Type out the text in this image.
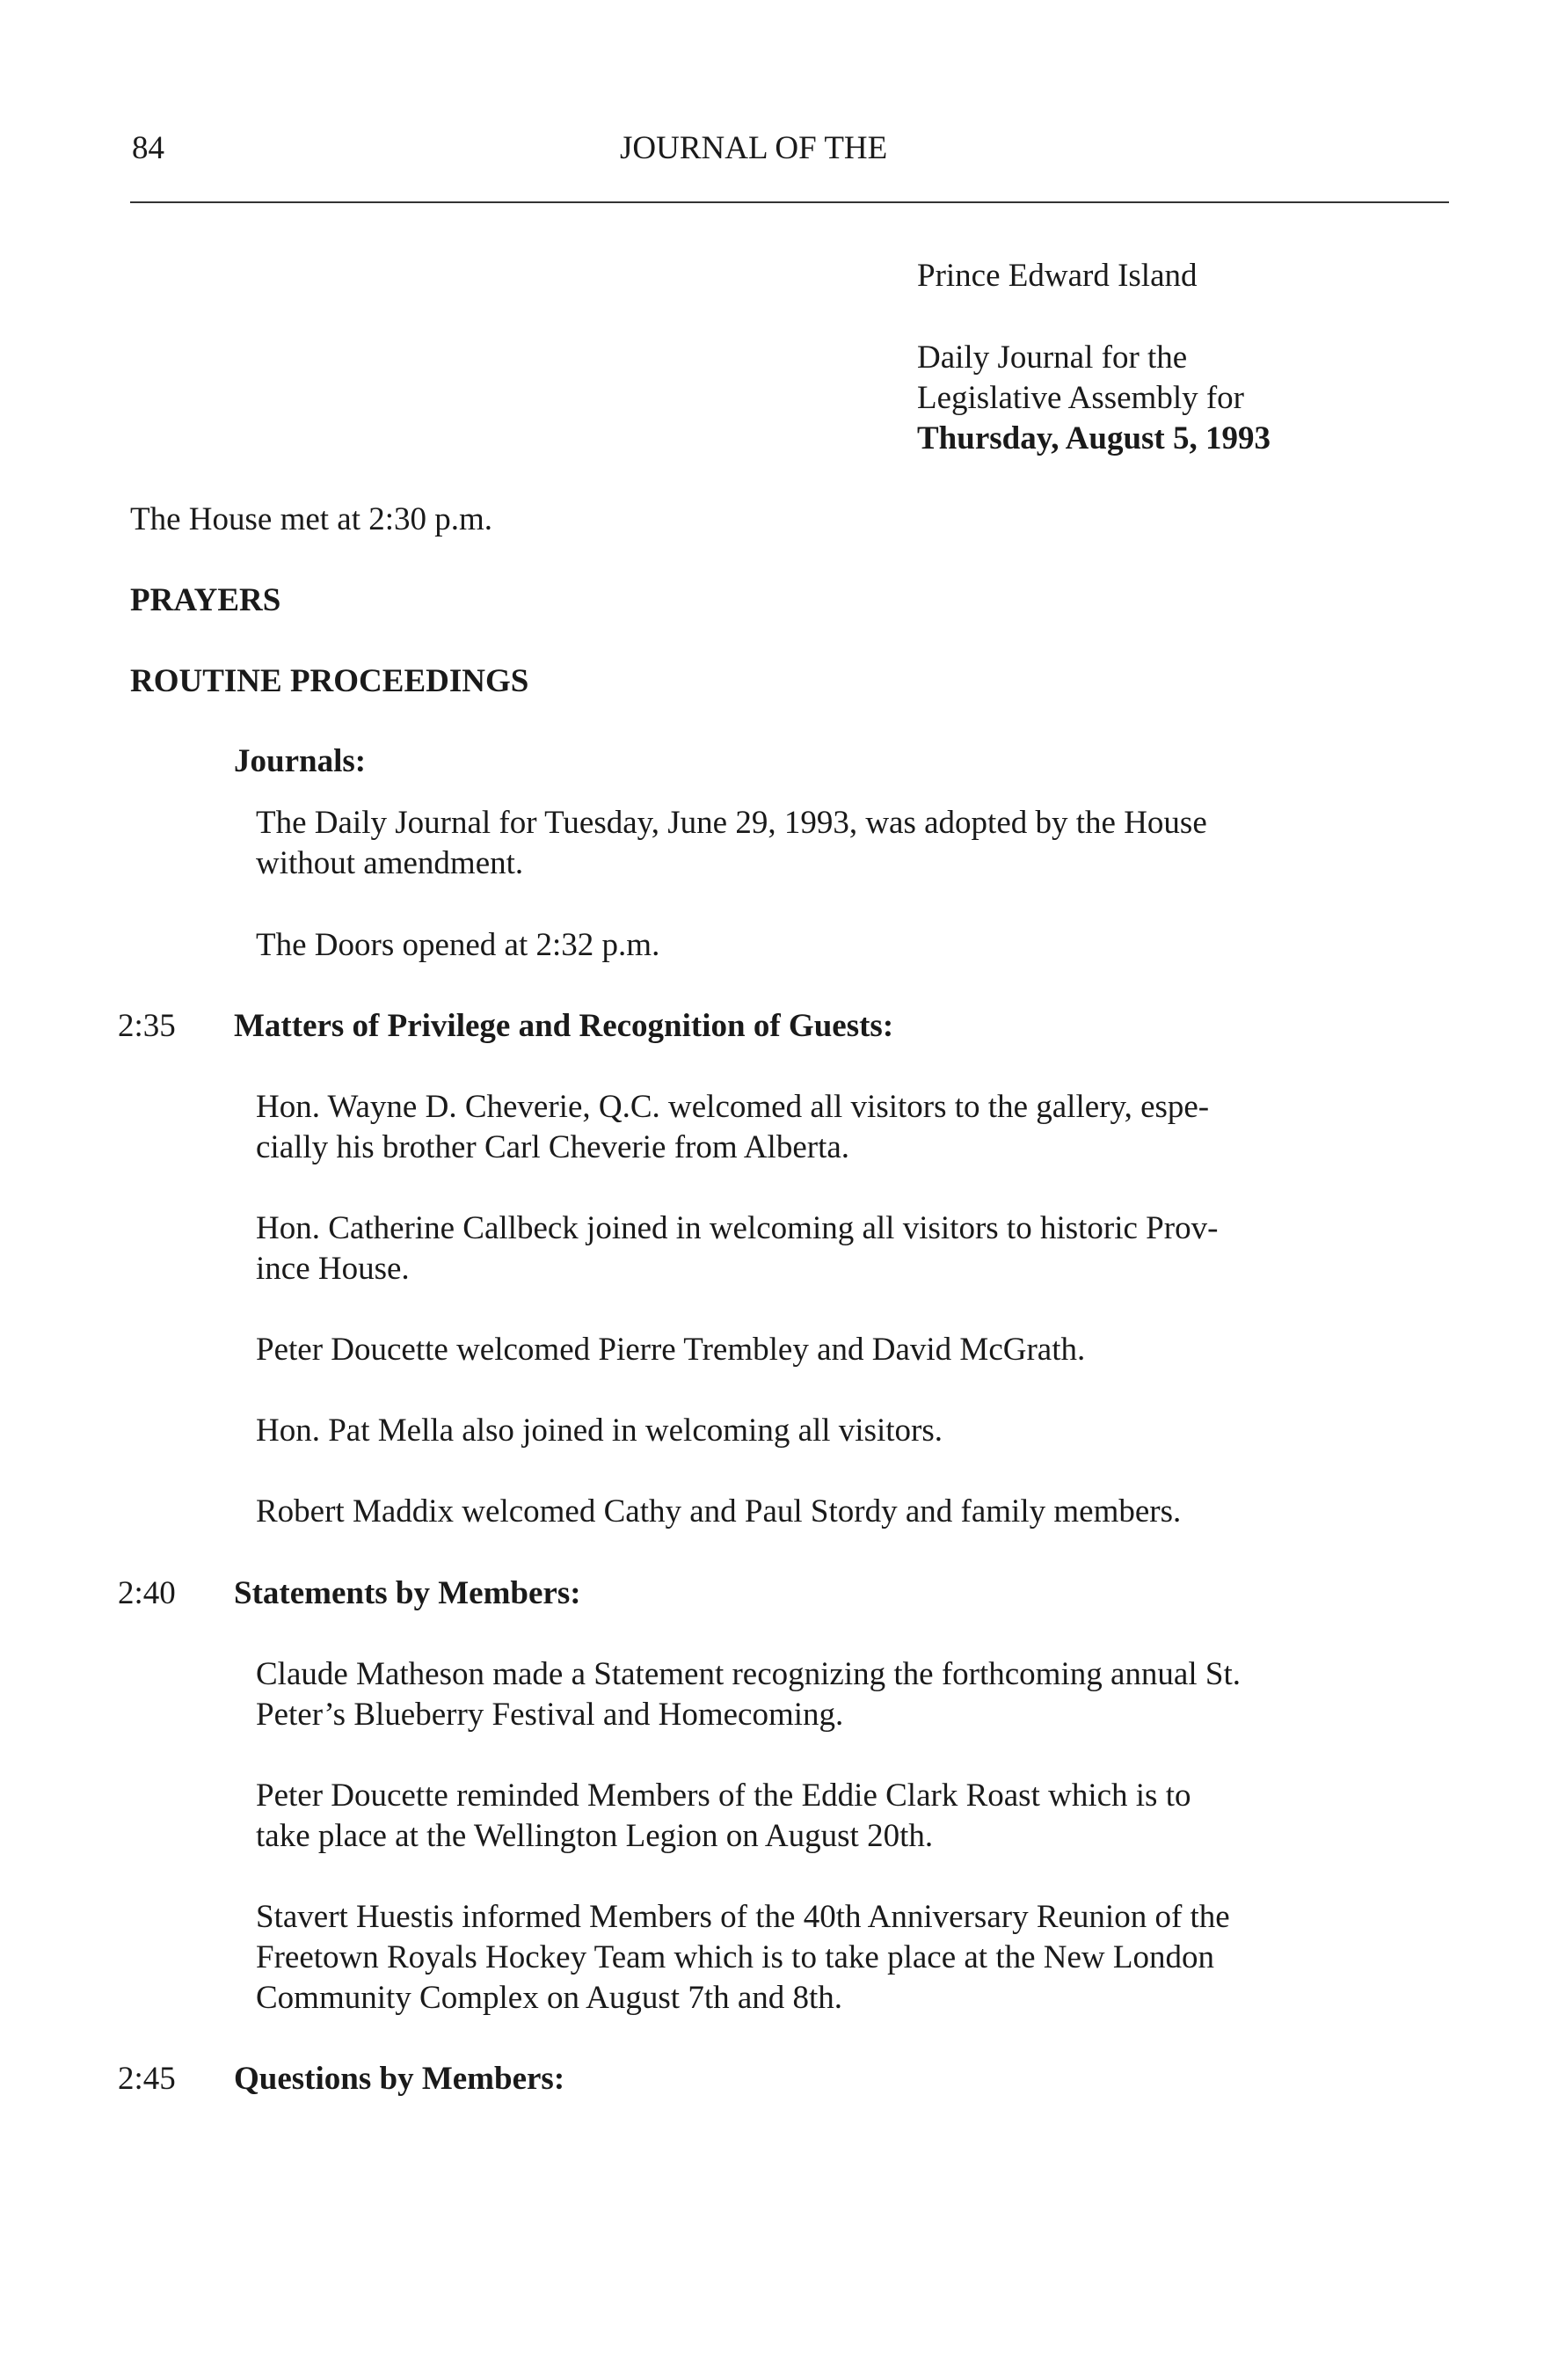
84	JOURNAL OF THE
Prince Edward Island
Daily Journal for the
Legislative Assembly for
Thursday, August 5, 1993
The House met at 2:30 p.m.
PRAYERS
ROUTINE PROCEEDINGS
Journals:
The Daily Journal for Tuesday, June 29, 1993, was adopted by the House
without amendment.
The Doors opened at 2:32 p.m.
2:35 Matters of Privilege and Recognition of Guests:
Hon. Wayne D. Cheverie, Q.C. welcomed all visitors to the gallery, espe-
cially his brother Carl Cheverie from Alberta.
Hon. Catherine Callbeck joined in welcoming all visitors to historic Prov-
ince House.
Peter Doucette welcomed Pierre Trembley and David McGrath.
Hon. Pat Mella also joined in welcoming all visitors.
Robert Maddix welcomed Cathy and Paul Stordy and family members.
2:40 Statements by Members:
Claude Matheson made a Statement recognizing the forthcoming annual St.
Peter’s Blueberry Festival and Homecoming.
Peter Doucette reminded Members of the Eddie Clark Roast which is to
take place at the Wellington Legion on August 20th.
Stavert Huestis informed Members of the 40th Anniversary Reunion of the
Freetown Royals Hockey Team which is to take place at the New London
Community Complex on August 7th and 8th.
2:45 Questions by Members:
